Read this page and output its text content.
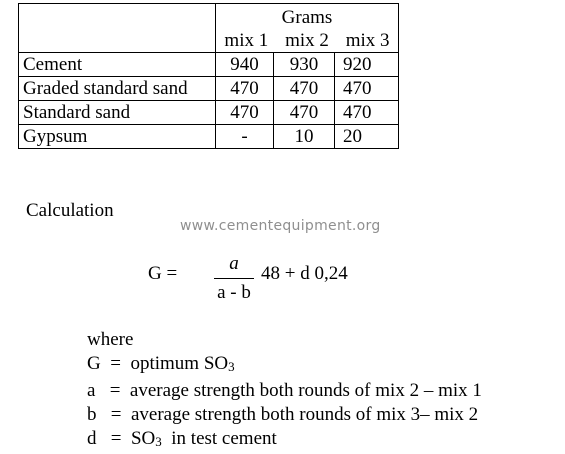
	Grams
mix 1 mix 2 mix 3		

Cement	940	930	920
Graded standard sand	470	470	470
Standard sand	470	470	470
Gypsum	-	10	20
Calculation
www.cementequipment.org
G =	a
a - b
48 + d 0,24
where
G = optimum $SO_3$
a = average strength both rounds of mix 2 – mix 1
b = average strength both rounds of mix 3– mix 2
$d = SO_3$  in test cement
